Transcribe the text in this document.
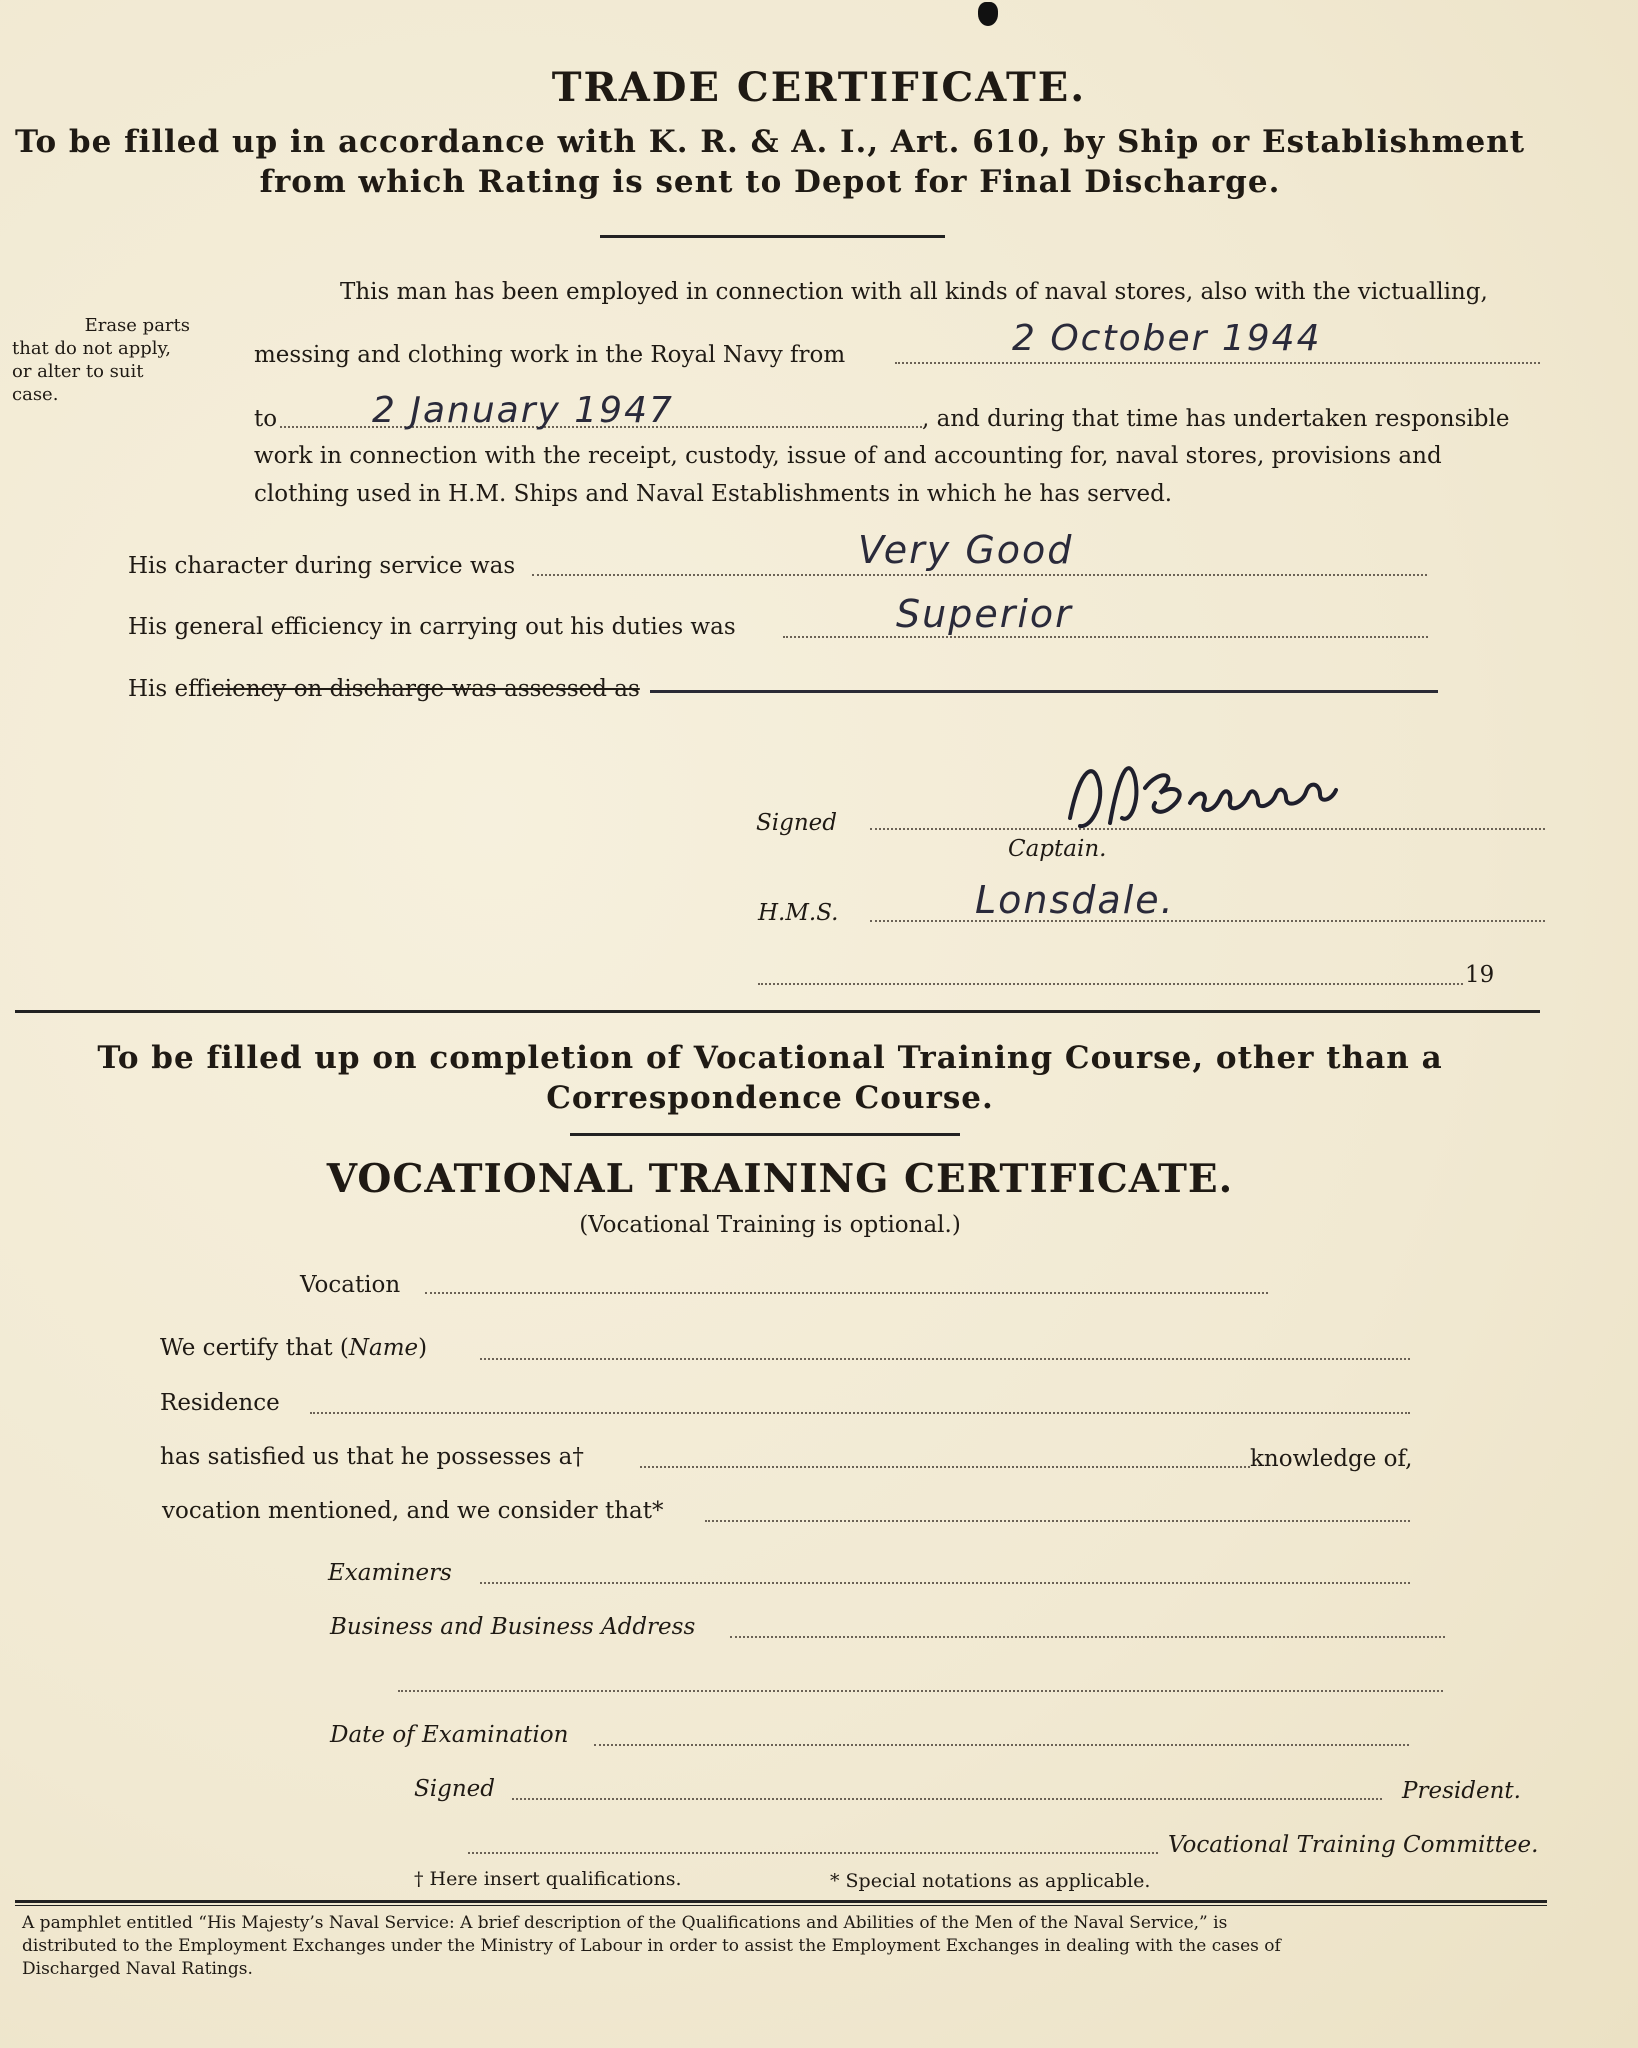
TRADE CERTIFICATE.
To be filled up in accordance with K. R. & A. I., Art. 610, by Ship or Establishment
from which Rating is sent to Depot for Final Discharge.
Erase parts
that do not apply,
or alter to suit
case.
This man has been employed in connection with all kinds of naval stores, also with the victualling,
messing and clothing work in the Royal Navy from	2 October 1944
to	2 January 1947	, and during that time has undertaken responsible
work in connection with the receipt, custody, issue of and accounting for, naval stores, provisions and
clothing used in H.M. Ships and Naval Establishments in which he has served.
His character during service was	Very Good
His general efficiency in carrying out his duties was	Superior
His efficiency on discharge was assessed as
Signed
Captain.
H.M.S.	Lonsdale.
19
To be filled up on completion of Vocational Training Course, other than a
Correspondence Course.
VOCATIONAL TRAINING CERTIFICATE.
(Vocational Training is optional.)
Vocation
We certify that (Name)
Residence
has satisfied us that he possesses a†	knowledge of,
vocation mentioned, and we consider that*
Examiners
Business and Business Address
Date of Examination
Signed	President.
Vocational Training Committee.
† Here insert qualifications.	* Special notations as applicable.
A pamphlet entitled “His Majesty’s Naval Service: A brief description of the Qualifications and Abilities of the Men of the Naval Service,” is
distributed to the Employment Exchanges under the Ministry of Labour in order to assist the Employment Exchanges in dealing with the cases of
Discharged Naval Ratings.
